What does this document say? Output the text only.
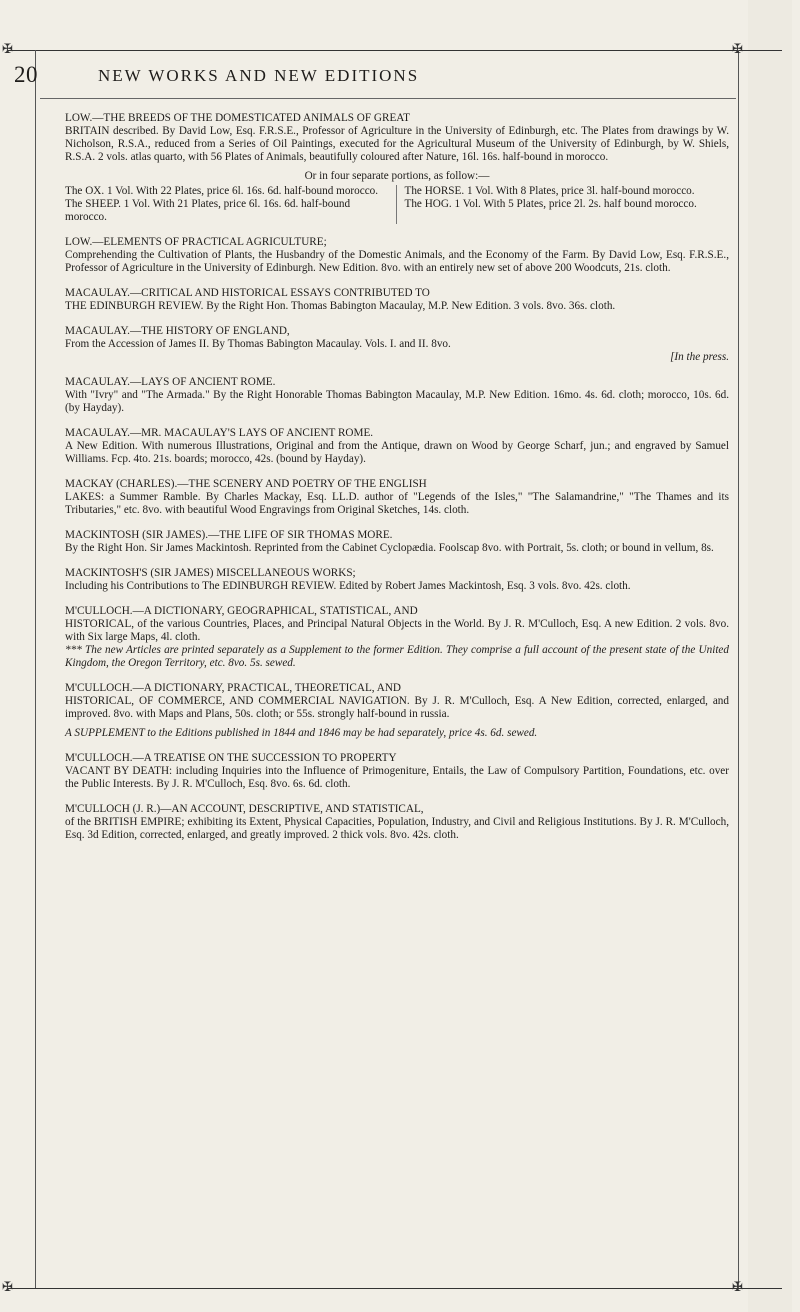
✠	✠
✠	✠
20	NEW WORKS AND NEW EDITIONS

LOW.—THE BREEDS OF THE DOMESTICATED ANIMALS OF GREAT

BRITAIN described. By David Low, Esq. F.R.S.E., Professor of Agriculture in the University of Edinburgh, etc. The Plates from drawings by W. Nicholson, R.S.A., reduced from a Series of Oil Paintings, executed for the Agricultural Museum of the University of Edinburgh, by W. Shiels, R.S.A. 2 vols. atlas quarto, with 56 Plates of Animals, beautifully coloured after Nature, 16l. 16s. half-bound in morocco.

Or in four separate portions, as follow:—

The OX. 1 Vol. With 22 Plates, price 6l. 16s. 6d. half-bound morocco.

The SHEEP. 1 Vol. With 21 Plates, price 6l. 16s. 6d. half-bound morocco.

The HORSE. 1 Vol. With 8 Plates, price 3l. half-bound morocco.

The HOG. 1 Vol. With 5 Plates, price 2l. 2s. half bound morocco.

LOW.—ELEMENTS OF PRACTICAL AGRICULTURE;

Comprehending the Cultivation of Plants, the Husbandry of the Domestic Animals, and the Economy of the Farm. By David Low, Esq. F.R.S.E., Professor of Agriculture in the University of Edinburgh. New Edition. 8vo. with an entirely new set of above 200 Woodcuts, 21s. cloth.

MACAULAY.—CRITICAL AND HISTORICAL ESSAYS CONTRIBUTED TO

THE EDINBURGH REVIEW. By the Right Hon. Thomas Babington Macaulay, M.P. New Edition. 3 vols. 8vo. 36s. cloth.

MACAULAY.—THE HISTORY OF ENGLAND,

From the Accession of James II. By Thomas Babington Macaulay. Vols. I. and II. 8vo.

[In the press.

MACAULAY.—LAYS OF ANCIENT ROME.

With "Ivry" and "The Armada." By the Right Honorable Thomas Babington Macaulay, M.P. New Edition. 16mo. 4s. 6d. cloth; morocco, 10s. 6d. (by Hayday).

MACAULAY.—MR. MACAULAY'S LAYS OF ANCIENT ROME.

A New Edition. With numerous Illustrations, Original and from the Antique, drawn on Wood by George Scharf, jun.; and engraved by Samuel Williams. Fcp. 4to. 21s. boards; morocco, 42s. (bound by Hayday).

MACKAY (CHARLES).—THE SCENERY AND POETRY OF THE ENGLISH

LAKES: a Summer Ramble. By Charles Mackay, Esq. LL.D. author of "Legends of the Isles," "The Salamandrine," "The Thames and its Tributaries," etc. 8vo. with beautiful Wood Engravings from Original Sketches, 14s. cloth.

MACKINTOSH (SIR JAMES).—THE LIFE OF SIR THOMAS MORE.

By the Right Hon. Sir James Mackintosh. Reprinted from the Cabinet Cyclopædia. Foolscap 8vo. with Portrait, 5s. cloth; or bound in vellum, 8s.

MACKINTOSH'S (SIR JAMES) MISCELLANEOUS WORKS;

Including his Contributions to The EDINBURGH REVIEW. Edited by Robert James Mackintosh, Esq. 3 vols. 8vo. 42s. cloth.

M'CULLOCH.—A DICTIONARY, GEOGRAPHICAL, STATISTICAL, AND

HISTORICAL, of the various Countries, Places, and Principal Natural Objects in the World. By J. R. M'Culloch, Esq. A new Edition. 2 vols. 8vo. with Six large Maps, 4l. cloth.

*** The new Articles are printed separately as a Supplement to the former Edition. They comprise a full account of the present state of the United Kingdom, the Oregon Territory, etc. 8vo. 5s. sewed.

M'CULLOCH.—A DICTIONARY, PRACTICAL, THEORETICAL, AND

HISTORICAL, OF COMMERCE, AND COMMERCIAL NAVIGATION. By J. R. M'Culloch, Esq. A New Edition, corrected, enlarged, and improved. 8vo. with Maps and Plans, 50s. cloth; or 55s. strongly half-bound in russia.

A SUPPLEMENT to the Editions published in 1844 and 1846 may be had separately, price 4s. 6d. sewed.

M'CULLOCH.—A TREATISE ON THE SUCCESSION TO PROPERTY

VACANT BY DEATH: including Inquiries into the Influence of Primogeniture, Entails, the Law of Compulsory Partition, Foundations, etc. over the Public Interests. By J. R. M'Culloch, Esq. 8vo. 6s. 6d. cloth.

M'CULLOCH (J. R.)—AN ACCOUNT, DESCRIPTIVE, AND STATISTICAL,

of the BRITISH EMPIRE; exhibiting its Extent, Physical Capacities, Population, Industry, and Civil and Religious Institutions. By J. R. M'Culloch, Esq. 3d Edition, corrected, enlarged, and greatly improved. 2 thick vols. 8vo. 42s. cloth.
